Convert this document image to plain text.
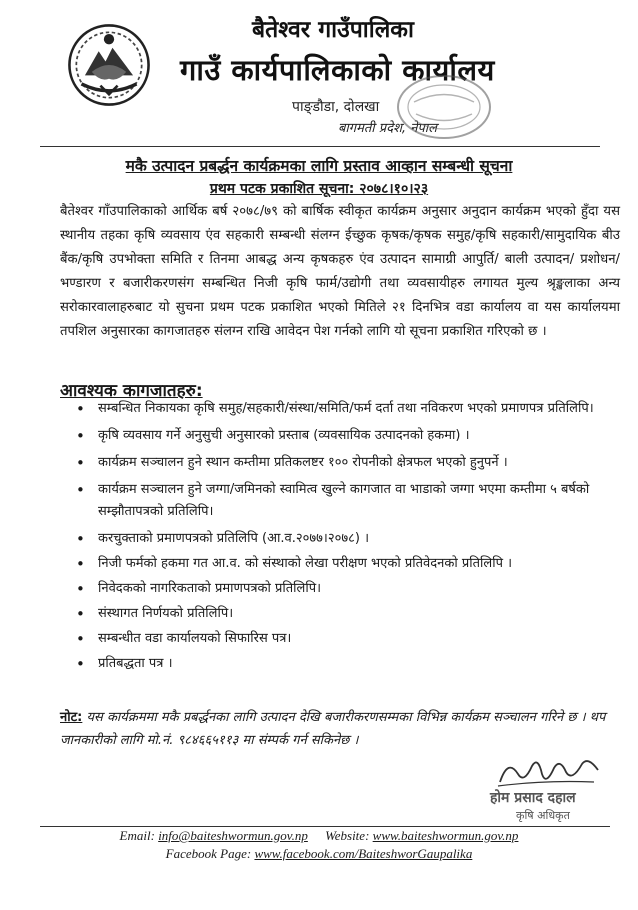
बैतेश्वर गाउँपालिका
गाउँ कार्यपालिकाको कार्यालय
पाङ्डौडा, दोलखा
बागमती प्रदेश, नेपाल
मकै उत्पादन प्रबर्द्धन कार्यक्रमका लागि प्रस्ताव आव्हान सम्बन्धी सूचना
प्रथम पटक प्रकाशित सूचना: २०७८।१०।२३

बैतेश्वर गाँउपालिकाको आर्थिक बर्ष २०७८/७९ को बार्षिक स्वीकृत कार्यक्रम अनुसार अनुदान कार्यक्रम भएको हुँदा यस स्थानीय तहका कृषि व्यवसाय एंव सहकारी सम्बन्धी संलग्न ईच्छुक कृषक/कृषक समुह/कृषि सहकारी/सामुदायिक बीउ बैंक/कृषि उपभोक्ता समिति र तिनमा आबद्ध अन्य कृषकहरु एंव उत्पादन सामाग्री आपुर्ति/ बाली उत्पादन/ प्रशोधन/ भण्डारण र बजारीकरणसंग सम्बन्धित निजी कृषि फार्म/उद्योगी तथा व्यवसायीहरु लगायत मुल्य श्रृङ्खलाका अन्य सरोकारवालाहरुबाट यो सुचना प्रथम पटक प्रकाशित भएको मितिले २१ दिनभित्र वडा कार्यालय वा यस कार्यालयमा तपशिल अनुसारका कागजातहरु संलग्न राखि आवेदन पेश गर्नको लागि यो सूचना प्रकाशित गरिएको छ ।

आवश्यक कागजातहरु:
• सम्बन्धित निकायका कृषि समुह/सहकारी/संस्था/समिति/फर्म दर्ता तथा नविकरण भएको प्रमाणपत्र प्रतिलिपि।
• कृषि व्यवसाय गर्ने अनुसुची अनुसारको प्रस्ताब (व्यवसायिक उत्पादनको हकमा) ।
• कार्यक्रम सञ्चालन हुने स्थान कम्तीमा प्रतिकलष्टर १०० रोपनीको क्षेत्रफल भएको हुनुपर्ने ।
• कार्यक्रम सञ्चालन हुने जग्गा/जमिनको स्वामित्व खुल्ने कागजात वा भाडाको जग्गा भएमा कम्तीमा ५ बर्षको सम्झौतापत्रको प्रतिलिपि।
• करचुक्ताको प्रमाणपत्रको प्रतिलिपि (आ.व.२०७७।२०७८) ।
• निजी फर्मको हकमा गत आ.व. को संस्थाको लेखा परीक्षण भएको प्रतिवेदनको प्रतिलिपि ।
• निवेदकको नागरिकताको प्रमाणपत्रको प्रतिलिपि।
• संस्थागत निर्णयको प्रतिलिपि।
• सम्बन्धीत वडा कार्यालयको सिफारिस पत्र।
• प्रतिबद्धता पत्र ।

नोट: यस कार्यक्रममा मकै प्रबर्द्धनका लागि उत्पादन देखि बजारीकरणसम्मका विभिन्न कार्यक्रम सञ्चालन गरिने छ । थप जानकारीको लागि मो.नं. ९८४६६५११३ मा संम्पर्क गर्न सकिनेछ ।

होम प्रसाद दहाल
कृषि अधिकृत
Email: info@baiteshwormun.gov.np Website: www.baiteshwormun.gov.np
Facebook Page: www.facebook.com/BaiteshworGaupalika
